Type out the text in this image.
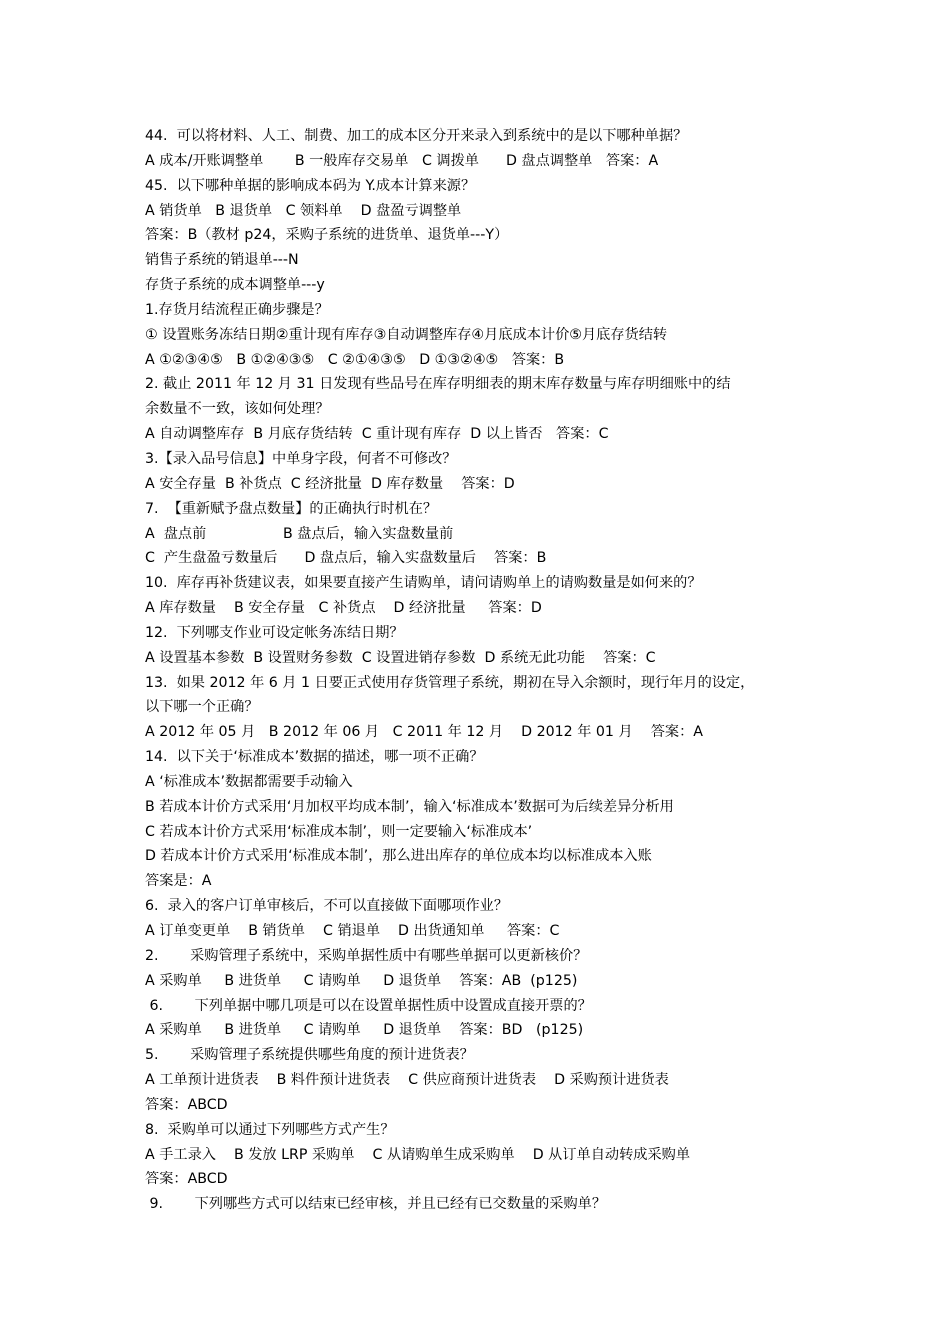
44.  可以将材料、人工、制费、加工的成本区分开来录入到系统中的是以下哪种单据？
A 成本/开账调整单       B 一般库存交易单   C 调拨单      D 盘点调整单   答案：A
45.  以下哪种单据的影响成本码为 Y.成本计算来源？
A 销货单   B 退货单   C 领料单    D 盘盈亏调整单
答案：B（教材 p24，采购子系统的进货单、退货单---Y）
销售子系统的销退单---N
存货子系统的成本调整单---y
1.存货月结流程正确步骤是？
① 设置账务冻结日期②重计现有库存③自动调整库存④月底成本计价⑤月底存货结转
A ①②③④⑤   B ①②④③⑤   C ②①④③⑤   D ①③②④⑤   答案：B
2. 截止 2011 年 12 月 31 日发现有些品号在库存明细表的期末库存数量与库存明细账中的结
余数量不一致，该如何处理？
A 自动调整库存  B 月底存货结转  C 重计现有库存  D 以上皆否   答案：C
3.【录入品号信息】中单身字段，何者不可修改？
A 安全存量  B 补货点  C 经济批量  D 库存数量    答案：D
7.  【重新赋予盘点数量】的正确执行时机在？
A  盘点前                 B 盘点后，输入实盘数量前
C  产生盘盈亏数量后      D 盘点后，输入实盘数量后    答案：B
10.  库存再补货建议表，如果要直接产生请购单，请问请购单上的请购数量是如何来的？
A 库存数量    B 安全存量   C 补货点    D 经济批量     答案：D
12.  下列哪支作业可设定帐务冻结日期？
A 设置基本参数  B 设置财务参数  C 设置进销存参数  D 系统无此功能    答案：C
13.  如果 2012 年 6 月 1 日要正式使用存货管理子系统，期初在导入余额时，现行年月的设定，
以下哪一个正确？
A 2012 年 05 月   B 2012 年 06 月   C 2011 年 12 月    D 2012 年 01 月    答案：A
14.  以下关于‘标准成本’数据的描述，哪一项不正确？
A ‘标准成本’数据都需要手动输入
B 若成本计价方式采用‘月加权平均成本制’，输入‘标准成本’数据可为后续差异分析用
C 若成本计价方式采用‘标准成本制’，则一定要输入‘标准成本’
D 若成本计价方式采用‘标准成本制’，那么进出库存的单位成本均以标准成本入账
答案是：A
6.  录入的客户订单审核后，不可以直接做下面哪项作业？
A 订单变更单    B 销货单    C 销退单    D 出货通知单     答案：C
2.       采购管理子系统中，采购单据性质中有哪些单据可以更新核价？
A 采购单     B 进货单     C 请购单     D 退货单    答案：AB  (p125)
6.       下列单据中哪几项是可以在设置单据性质中设置成直接开票的？
A 采购单     B 进货单     C 请购单     D 退货单    答案：BD   (p125)
5.       采购管理子系统提供哪些角度的预计进货表？
A 工单预计进货表    B 料件预计进货表    C 供应商预计进货表    D 采购预计进货表
答案：ABCD
8.  采购单可以通过下列哪些方式产生？
A 手工录入    B 发放 LRP 采购单    C 从请购单生成采购单    D 从订单自动转成采购单
答案：ABCD
9.       下列哪些方式可以结束已经审核，并且已经有已交数量的采购单？
